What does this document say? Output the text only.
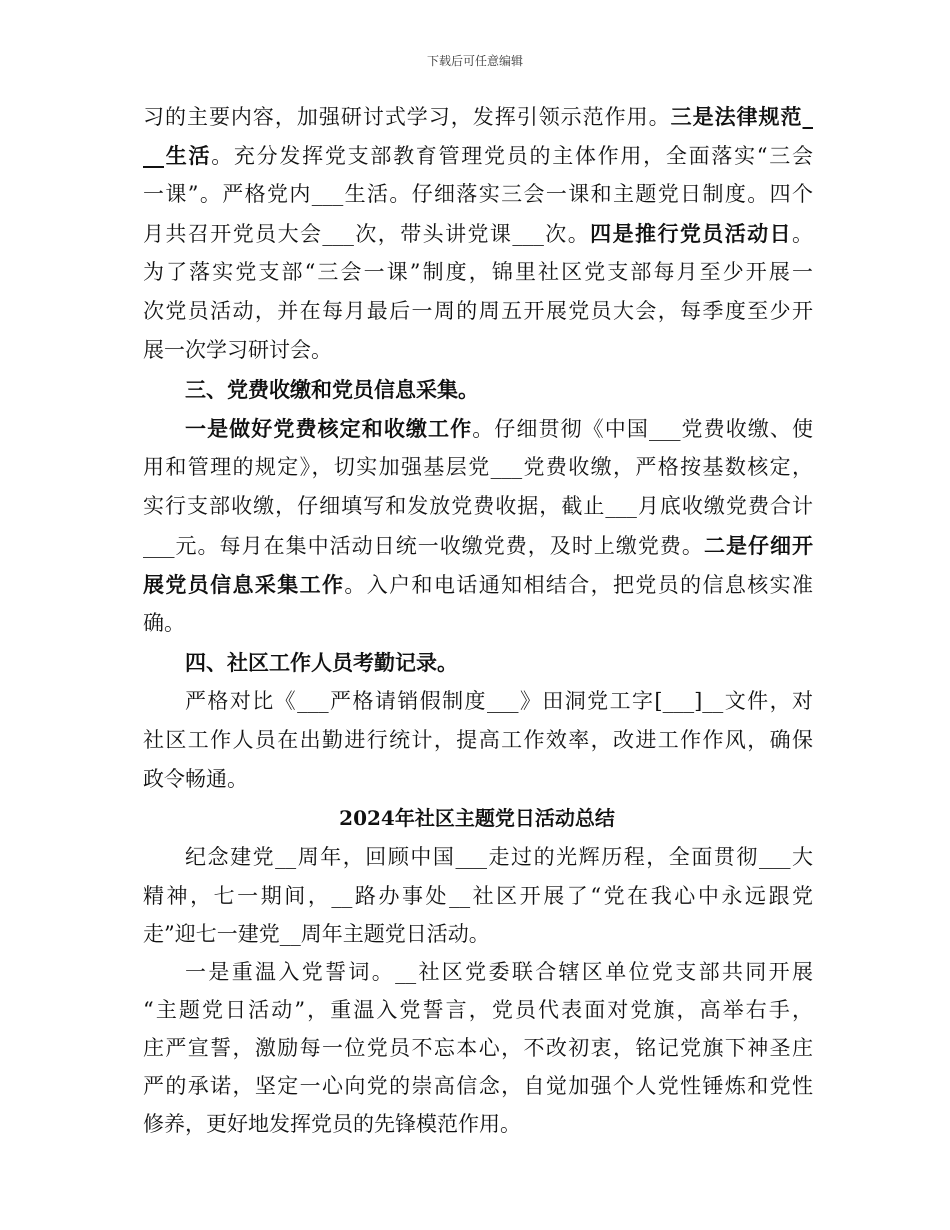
下载后可任意编辑
习的主要内容，加强研讨式学习，发挥引领示范作用。三是法律规范_
__生活。充分发挥党支部教育管理党员的主体作用，全面落实“三会
一课”。严格党内___生活。仔细落实三会一课和主题党日制度。四个
月共召开党员大会___次，带头讲党课___次。四是推行党员活动日。
为了落实党支部“三会一课”制度，锦里社区党支部每月至少开展一
次党员活动，并在每月最后一周的周五开展党员大会，每季度至少开
展一次学习研讨会。
三、党费收缴和党员信息采集。
一是做好党费核定和收缴工作。仔细贯彻《中国___党费收缴、使
用和管理的规定》，切实加强基层党___党费收缴，严格按基数核定，
实行支部收缴，仔细填写和发放党费收据，截止___月底收缴党费合计
___元。每月在集中活动日统一收缴党费，及时上缴党费。二是仔细开
展党员信息采集工作。入户和电话通知相结合，把党员的信息核实准
确。
四、社区工作人员考勤记录。
严格对比《___严格请销假制度___》田洞党工字[___]__文件，对
社区工作人员在出勤进行统计，提高工作效率，改进工作作风，确保
政令畅通。
2024年社区主题党日活动总结
纪念建党__周年，回顾中国___走过的光辉历程，全面贯彻___大
精神，七一期间，__路办事处__社区开展了“党在我心中永远跟党
走”迎七一建党__周年主题党日活动。
一是重温入党誓词。__社区党委联合辖区单位党支部共同开展
“主题党日活动”，重温入党誓言，党员代表面对党旗，高举右手，
庄严宣誓，激励每一位党员不忘本心，不改初衷，铭记党旗下神圣庄
严的承诺，坚定一心向党的崇高信念，自觉加强个人党性锤炼和党性
修养，更好地发挥党员的先锋模范作用。
